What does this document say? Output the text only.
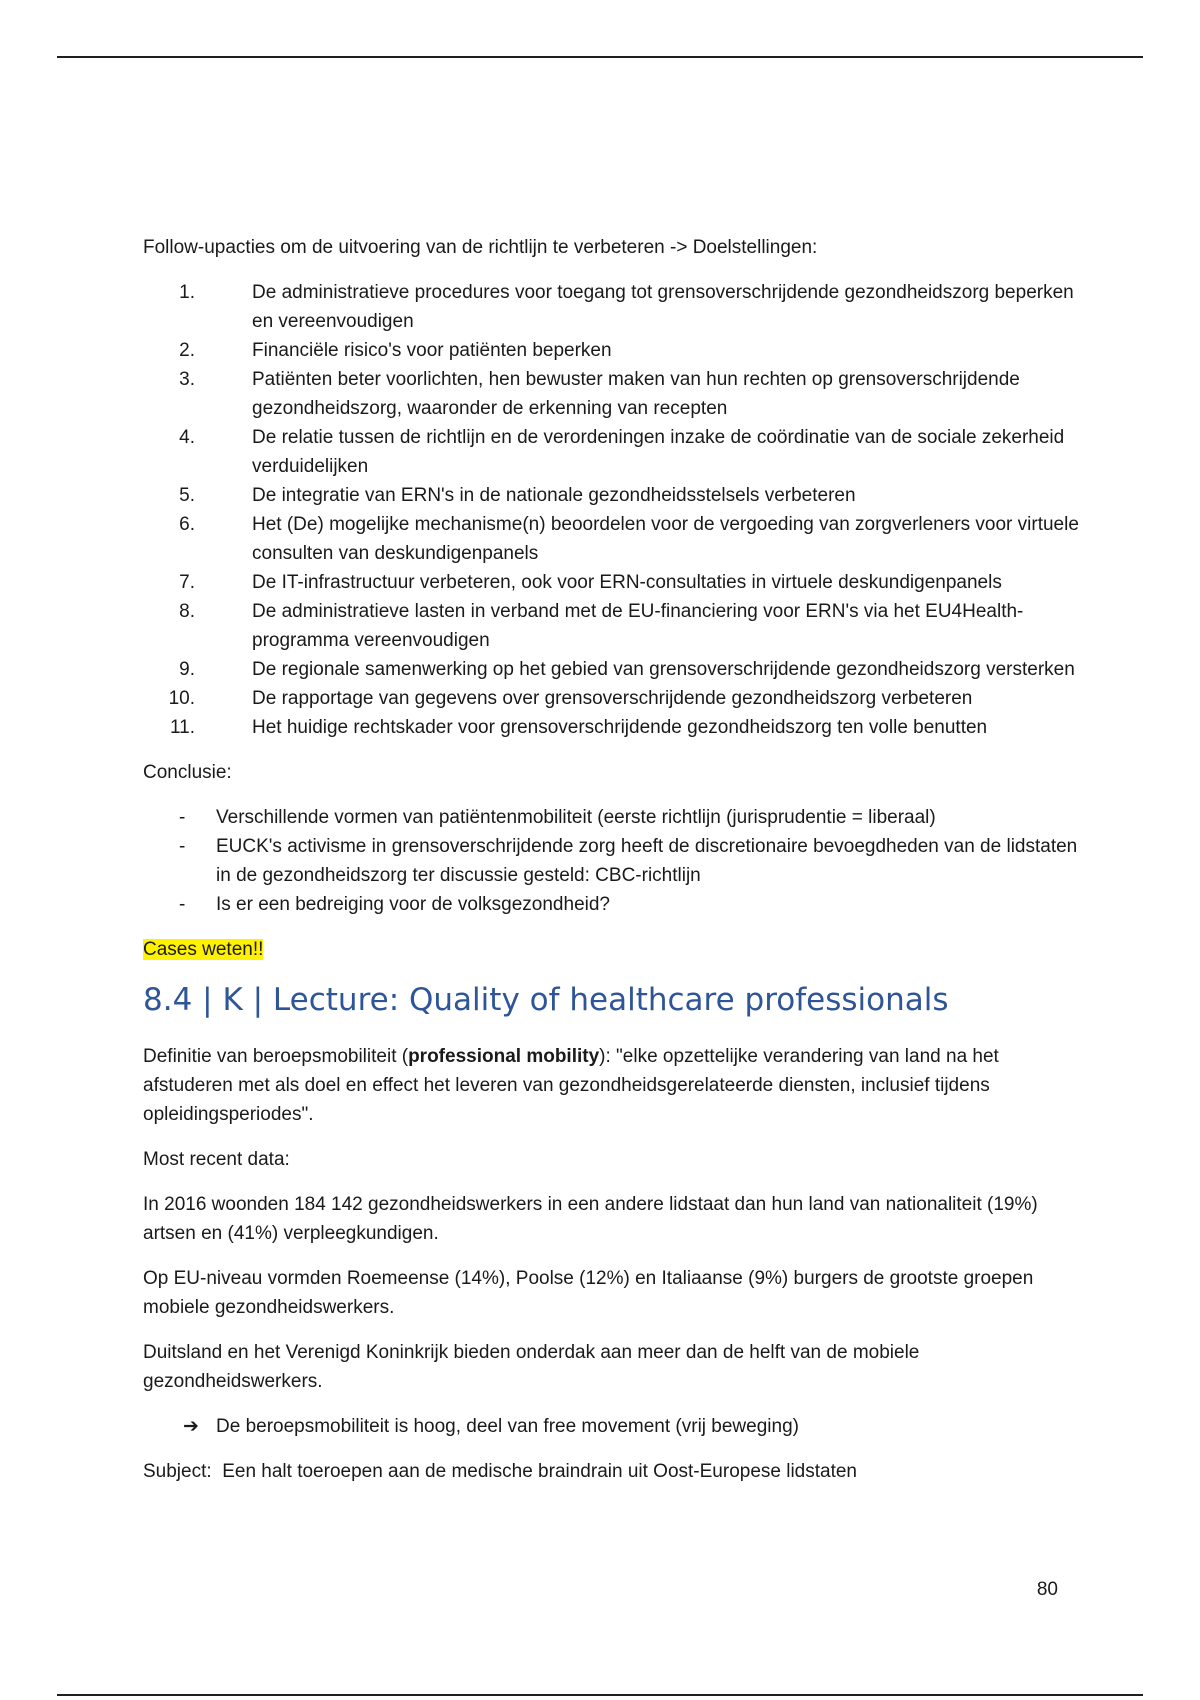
Follow-upacties om de uitvoering van de richtlijn te verbeteren -> Doelstellingen:

1.	De administratieve procedures voor toegang tot grensoverschrijdende gezondheidszorg beperken en vereenvoudigen
2.	Financiële risico's voor patiënten beperken
3.	Patiënten beter voorlichten, hen bewuster maken van hun rechten op grensoverschrijdende gezondheidszorg, waaronder de erkenning van recepten
4.	De relatie tussen de richtlijn en de verordeningen inzake de coördinatie van de sociale zekerheid verduidelijken
5.	De integratie van ERN's in de nationale gezondheidsstelsels verbeteren
6.	Het (De) mogelijke mechanisme(n) beoordelen voor de vergoeding van zorgverleners voor virtuele consulten van deskundigenpanels
7.	De IT-infrastructuur verbeteren, ook voor ERN-consultaties in virtuele deskundigenpanels
8.	De administratieve lasten in verband met de EU-financiering voor ERN's via het EU4Health-programma vereenvoudigen
9.	De regionale samenwerking op het gebied van grensoverschrijdende gezondheidszorg versterken
10.	De rapportage van gegevens over grensoverschrijdende gezondheidszorg verbeteren
11.	Het huidige rechtskader voor grensoverschrijdende gezondheidszorg ten volle benutten

Conclusie:

- Verschillende vormen van patiëntenmobiliteit (eerste richtlijn (jurisprudentie = liberaal)
- EUCK's activisme in grensoverschrijdende zorg heeft de discretionaire bevoegdheden van de lidstaten in de gezondheidszorg ter discussie gesteld: CBC-richtlijn
- Is er een bedreiging voor de volksgezondheid?

Cases weten!!

8.4 | K | Lecture: Quality of healthcare professionals

Definitie van beroepsmobiliteit (professional mobility): "elke opzettelijke verandering van land na het afstuderen met als doel en effect het leveren van gezondheidsgerelateerde diensten, inclusief tijdens opleidingsperiodes".

Most recent data:

In 2016 woonden 184 142 gezondheidswerkers in een andere lidstaat dan hun land van nationaliteit (19%) artsen en (41%) verpleegkundigen.

Op EU-niveau vormden Roemeense (14%), Poolse (12%) en Italiaanse (9%) burgers de grootste groepen mobiele gezondheidswerkers.

Duitsland en het Verenigd Koninkrijk bieden onderdak aan meer dan de helft van de mobiele gezondheidswerkers.

➔ De beroepsmobiliteit is hoog, deel van free movement (vrij beweging)

Subject:  Een halt toeroepen aan de medische braindrain uit Oost-Europese lidstaten

80
